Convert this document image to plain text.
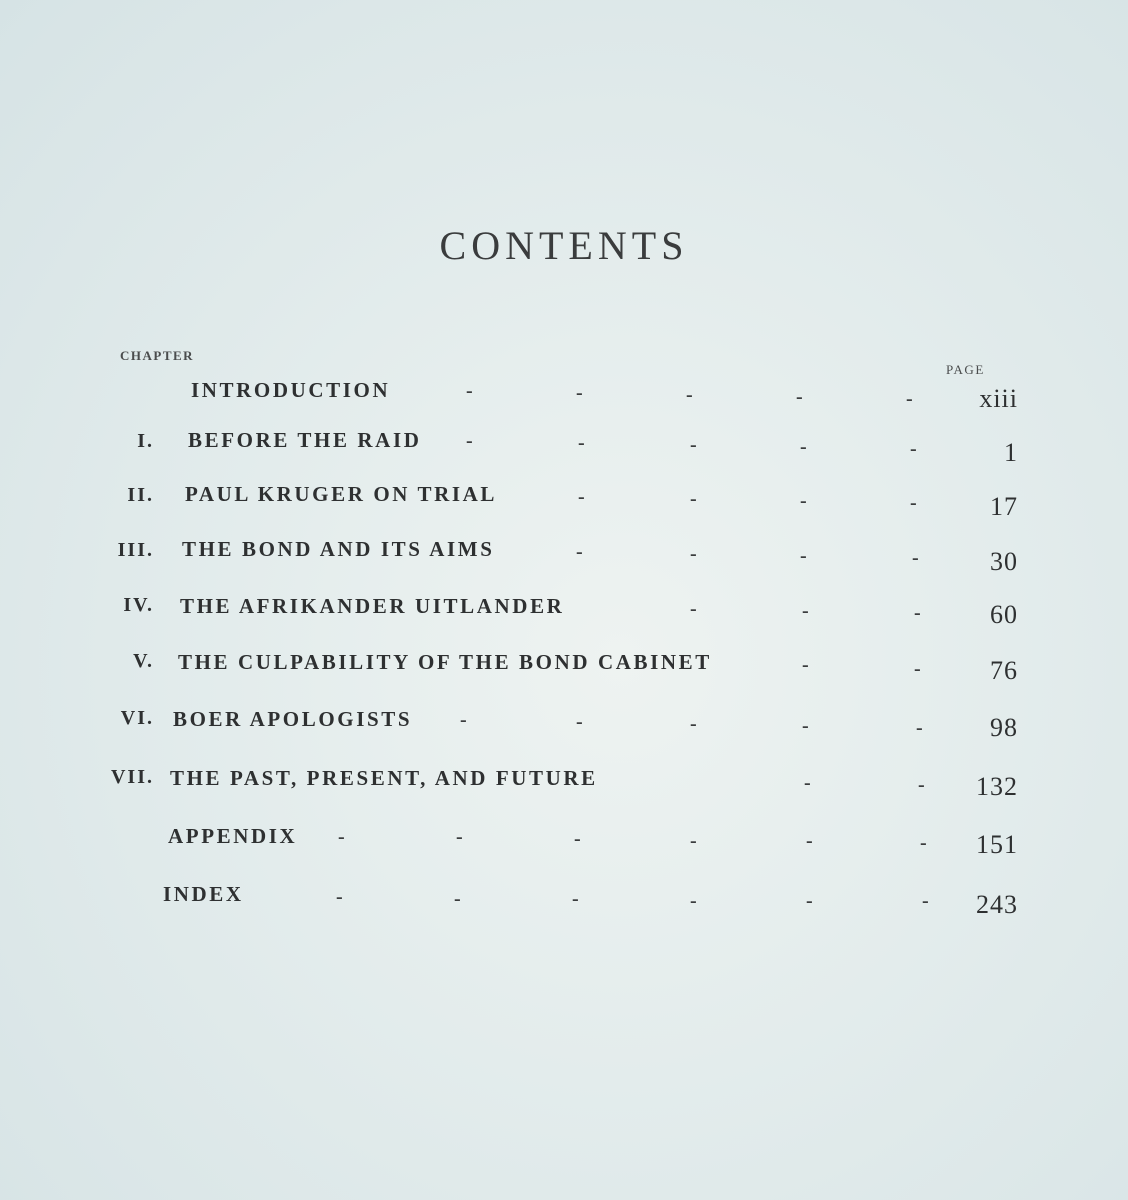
CONTENTS
CHAPTER
PAGE
INTRODUCTION	-	-	-	-	-	xiii
I. BEFORE THE RAID -	-	-	-	-	1
II. PAUL KRUGER ON TRIAL	-	-	-	-	17
III. THE BOND AND ITS AIMS	-	-	-	-	30
IV. THE AFRIKANDER UITLANDER	-	-	-	60
V. THE CULPABILITY OF THE BOND CABINET	-	-	76
VI. BOER APOLOGISTS -	-	-	-	-	98
VII. THE PAST, PRESENT, AND FUTURE	-	- 132
APPENDIX -	-	-	-	-	- 151
INDEX	-	-	-	-	-	- 243
